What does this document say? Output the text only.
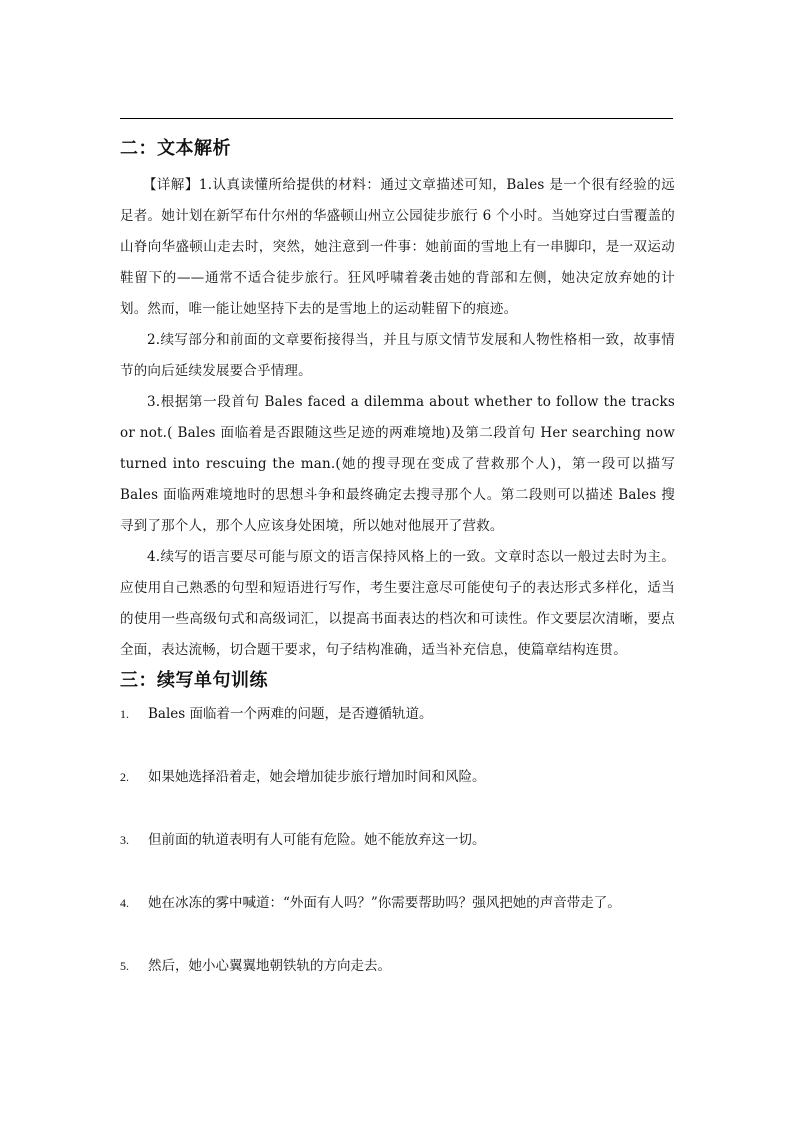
二：文本解析

【详解】1.认真读懂所给提供的材料：通过文章描述可知，Bales 是一个很有经验的远足者。她计划在新罕布什尔州的华盛顿山州立公园徒步旅行 6 个小时。当她穿过白雪覆盖的山脊向华盛顿山走去时，突然，她注意到一件事：她前面的雪地上有一串脚印，是一双运动鞋留下的——通常不适合徒步旅行。狂风呼啸着袭击她的背部和左侧，她决定放弃她的计划。然而，唯一能让她坚持下去的是雪地上的运动鞋留下的痕迹。

2.续写部分和前面的文章要衔接得当，并且与原文情节发展和人物性格相一致，故事情节的向后延续发展要合乎情理。

3.根据第一段首句 Bales faced a dilemma about whether to follow the tracks or not.( Bales 面临着是否跟随这些足迹的两难境地)及第二段首句 Her searching now turned into rescuing the man.(她的搜寻现在变成了营救那个人)，第一段可以描写 Bales 面临两难境地时的思想斗争和最终确定去搜寻那个人。第二段则可以描述 Bales 搜寻到了那个人，那个人应该身处困境，所以她对他展开了营救。

4.续写的语言要尽可能与原文的语言保持风格上的一致。文章时态以一般过去时为主。应使用自己熟悉的句型和短语进行写作，考生要注意尽可能使句子的表达形式多样化，适当的使用一些高级句式和高级词汇，以提高书面表达的档次和可读性。作文要层次清晰，要点全面，表达流畅，切合题干要求，句子结构准确，适当补充信息，使篇章结构连贯。

三：续写单句训练
1.	Bales 面临着一个两难的问题，是否遵循轨道。
2.	如果她选择沿着走，她会增加徒步旅行增加时间和风险。
3.	但前面的轨道表明有人可能有危险。她不能放弃这一切。
4.	她在冰冻的雾中喊道：“外面有人吗？”你需要帮助吗？强风把她的声音带走了。
5.	然后，她小心翼翼地朝铁轨的方向走去。
